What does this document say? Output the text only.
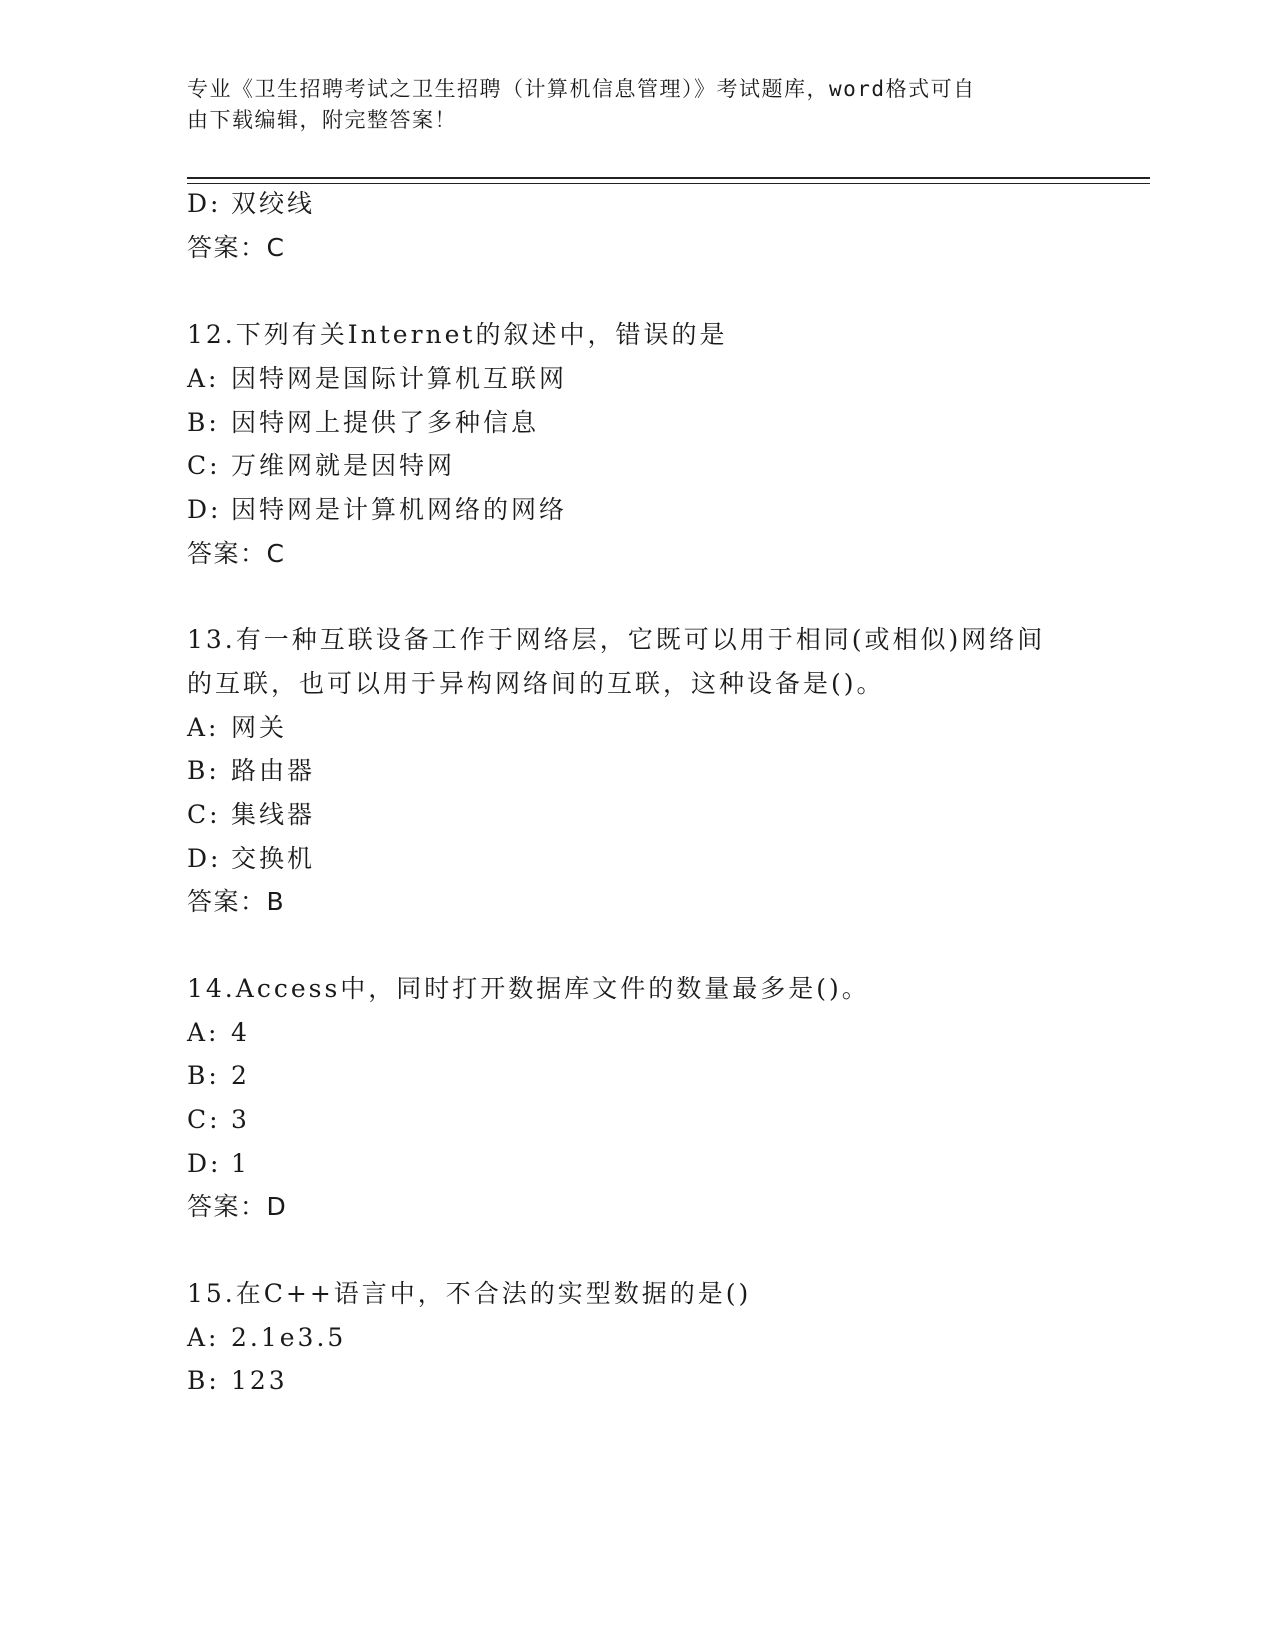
专业《卫生招聘考试之卫生招聘（计算机信息管理）》考试题库，word格式可自
由下载编辑，附完整答案！
D: 双绞线
答案：C
12.下列有关Internet的叙述中，错误的是
A: 因特网是国际计算机互联网
B: 因特网上提供了多种信息
C: 万维网就是因特网
D: 因特网是计算机网络的网络
答案：C
13.有一种互联设备工作于网络层，它既可以用于相同(或相似)网络间
的互联，也可以用于异构网络间的互联，这种设备是()。
A: 网关
B: 路由器
C: 集线器
D: 交换机
答案：B
14.Access中，同时打开数据库文件的数量最多是()。
A: 4
B: 2
C: 3
D: 1
答案：D
15.在C++语言中，不合法的实型数据的是()
A: 2.1e3.5
B: 123
